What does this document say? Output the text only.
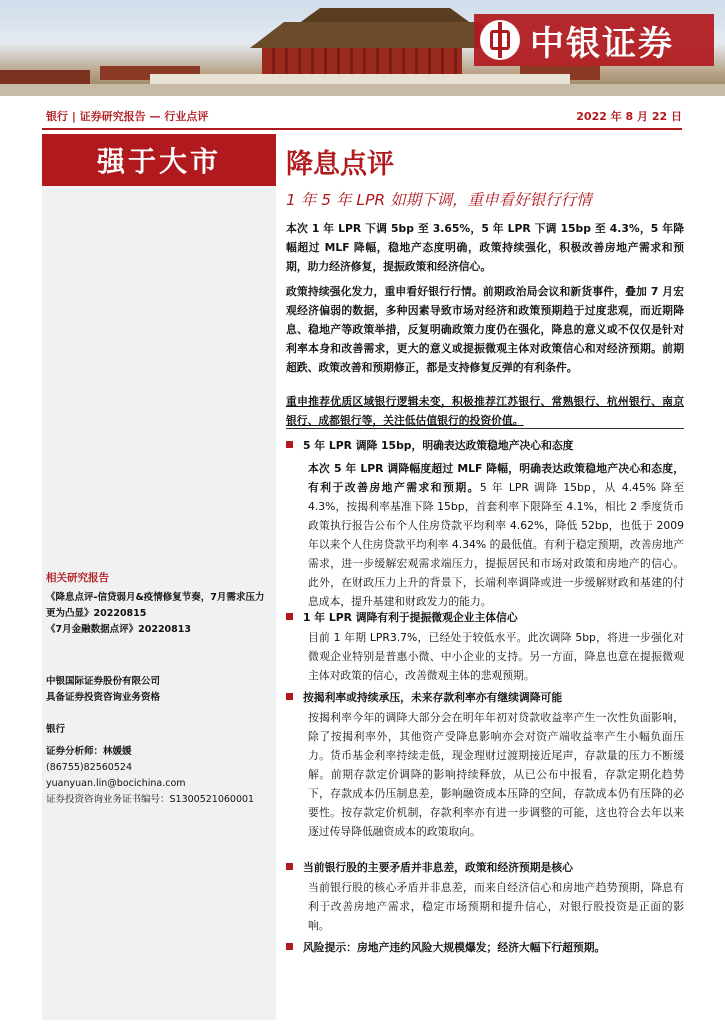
中银证券
银行 | 证券研究报告 — 行业点评	2022 年 8 月 22 日
强于大市
相关研究报告
《降息点评-信贷弱月&疫情修复节奏，7月需求压力更为凸显》20220815
《7月金融数据点评》20220813
中银国际证券股份有限公司
具备证券投资咨询业务资格
银行
证券分析师：林媛媛
(86755)82560524
yuanyuan.lin@bocichina.com
证券投资咨询业务证书编号：S1300521060001
降息点评
1 年 5 年 LPR 如期下调，重申看好银行行情
本次 1 年 LPR 下调 5bp 至 3.65%，5 年 LPR 下调 15bp 至 4.3%，5 年降幅超过 MLF 降幅，稳地产态度明确，政策持续强化，积极改善房地产需求和预期，助力经济修复，提振政策和经济信心。
政策持续强化发力，重申看好银行行情。前期政治局会议和新货事件，叠加 7 月宏观经济偏弱的数据，多种因素导致市场对经济和政策预期趋于过度悲观，而近期降息、稳地产等政策举措，反复明确政策力度仍在强化，降息的意义或不仅仅是针对利率本身和改善需求，更大的意义或提振微观主体对政策信心和对经济预期。前期超跌、政策改善和预期修正，都是支持修复反弹的有利条件。
重申推荐优质区域银行逻辑未变，积极推荐江苏银行、常熟银行、杭州银行、南京银行、成都银行等，关注低估值银行的投资价值。
5 年 LPR 调降 15bp，明确表达政策稳地产决心和态度
本次 5 年 LPR 调降幅度超过 MLF 降幅，明确表达政策稳地产决心和态度，有利于改善房地产需求和预期。5 年 LPR 调降 15bp，从 4.45% 降至 4.3%，按揭利率基准下降 15bp，首套利率下限降至 4.1%，相比 2 季度货币政策执行报告公布个人住房贷款平均利率 4.62%，降低 52bp，也低于 2009 年以来个人住房贷款平均利率 4.34% 的最低值。有利于稳定预期，改善房地产需求，进一步缓解宏观需求端压力，提振居民和市场对政策和房地产的信心。此外，在财政压力上升的背景下，长端利率调降或进一步缓解财政和基建的付息成本，提升基建和财政发力的能力。
1 年 LPR 调降有利于提振微观企业主体信心
目前 1 年期 LPR3.7%，已经处于较低水平。此次调降 5bp，将进一步强化对微观企业特别是普惠小微、中小企业的支持。另一方面，降息也意在提振微观主体对政策的信心，改善微观主体的悲观预期。
按揭利率或持续承压，未来存款利率亦有继续调降可能
按揭利率今年的调降大部分会在明年年初对贷款收益率产生一次性负面影响，除了按揭利率外，其他资产受降息影响亦会对资产端收益率产生小幅负面压力。货币基金利率持续走低，现金理财过渡期接近尾声，存款量的压力不断缓解。前期存款定价调降的影响持续释放，从已公布中报看，存款定期化趋势下，存款成本仍压制息差，影响融资成本压降的空间，存款成本仍有压降的必要性。按存款定价机制，存款利率亦有进一步调整的可能，这也符合去年以来逐过传导降低融资成本的政策取向。
当前银行股的主要矛盾并非息差，政策和经济预期是核心
当前银行股的核心矛盾并非息差，而来自经济信心和房地产趋势预期，降息有利于改善房地产需求，稳定市场预期和提升信心，对银行股投资是正面的影响。
风险提示：房地产违约风险大规模爆发；经济大幅下行超预期。
